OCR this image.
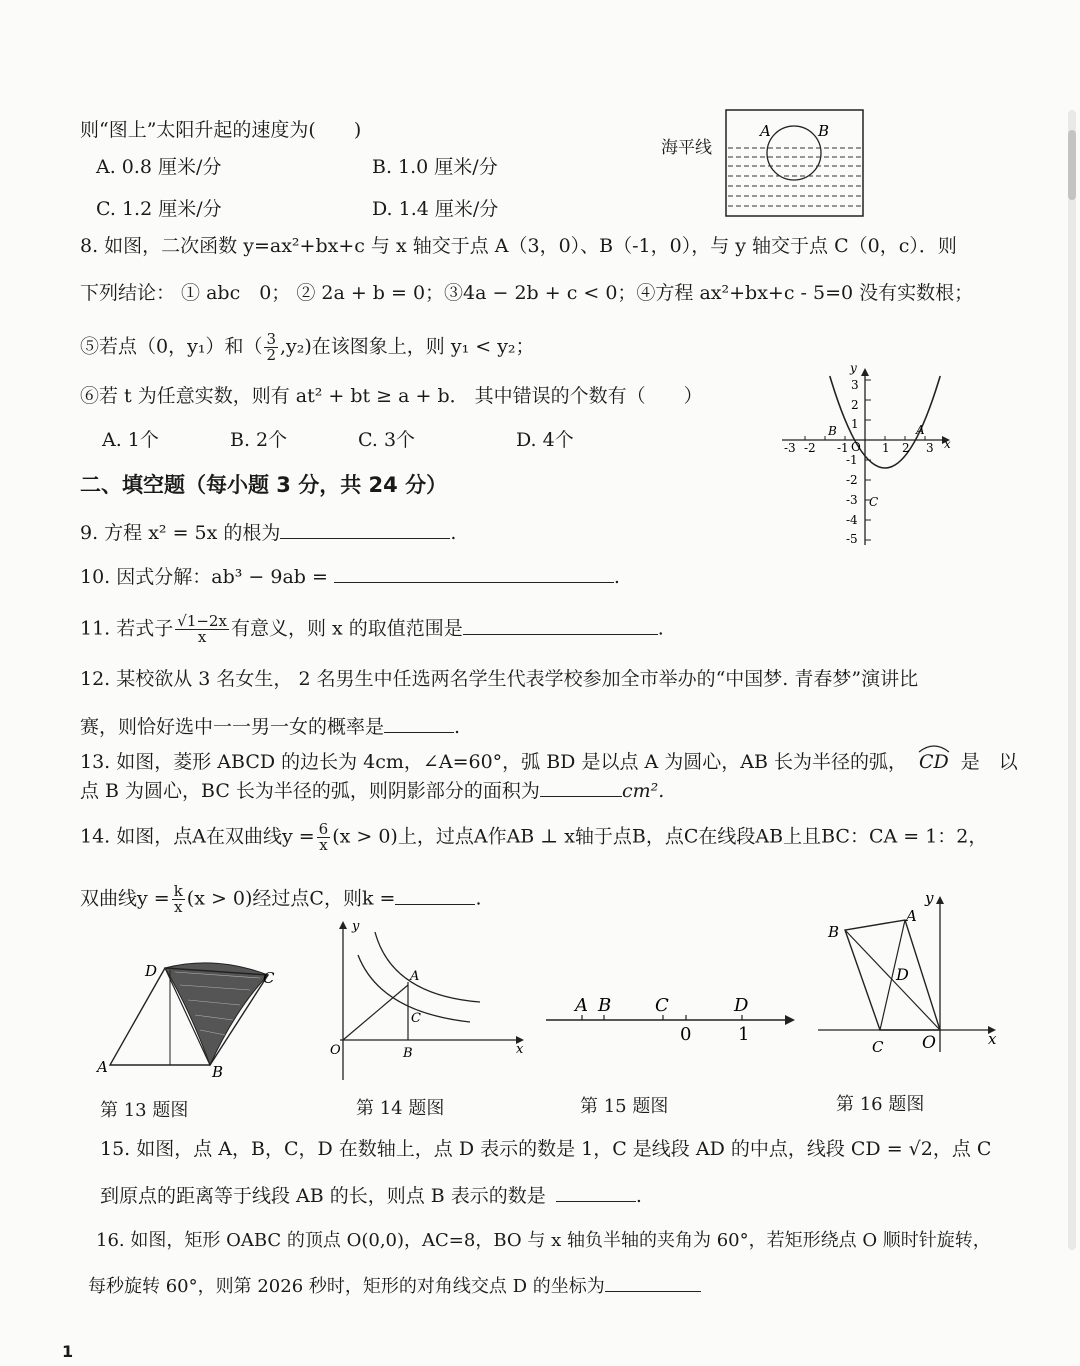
则“图上”太阳升起的速度为(　　)
A. 0.8 厘米/分	B. 1.0 厘米/分
C. 1.2 厘米/分	D. 1.4 厘米/分
海平线
A	B
8. 如图，二次函数 y=ax²+bx+c 与 x 轴交于点 A（3，0）、B（-1，0），与 y 轴交于点 C（0，c）．则
下列结论： ① abc　0； ② 2a + b = 0；③4a − 2b + c < 0；④方程 ax²+bx+c - 5=0 没有实数根；
⑤若点（0，y₁）和（ $\frac{3}{2} ,y_2$)在该图象上，则 y₁ < y₂；
⑥若 t 为任意实数，则有 at² + bt ≥ a + b． 其中错误的个数有（　　）
A. 1个	B. 2个	C. 3个	D. 4个
y
x
O
A
B
C
-3 -2 -1	1 2 3
3
2
1
-1
-2
-3
-4
-5
二、填空题（每小题 3 分，共 24 分）
9. 方程 x² = 5x 的根为	.
10. 因式分解：ab³ − 9ab =	.
11. 若式子 $\frac{√1-2x}{x}$ 有意义，则 x 的取值范围是	.
12. 某校欲从 3 名女生， 2 名男生中任选两名学生代表学校参加全市举办的“中国梦. 青春梦”演讲比
赛，则恰好选中一一男一女的概率是	.
13. 如图，菱形 ABCD 的边长为 4cm，∠A=60°，弧 BD 是以点 A 为圆心，AB 长为半径的弧， CD 是　以
点 B 为圆心，BC 长为半径的弧，则阴影部分的面积为	cm².
14. 如图，点A在双曲线$y = \frac{6}{x} (x > 0)$上，过点A作AB ⊥ x轴于点B，点C在线段AB上且BC：CA = 1：2，
双曲线$y = \frac{k}{x} (x > 0)$经过点C，则k =	.
D	C
A	B
O
y
x
A
C
B
A B C	D
0	1
y
x
O
A
B
C
D
第 13 题图	第 14 题图	第 15 题图	第 16 题图
15. 如图，点 A，B，C，D 在数轴上，点 D 表示的数是 1，C 是线段 AD 的中点，线段 CD = √2，点 C
到原点的距离等于线段 AB 的长，则点 B 表示的数是	.
16. 如图，矩形 OABC 的顶点 O(0,0)，AC=8，BO 与 x 轴负半轴的夹角为 60°，若矩形绕点 O 顺时针旋转，
每秒旋转 60°，则第 2026 秒时，矩形的对角线交点 D 的坐标为
1
